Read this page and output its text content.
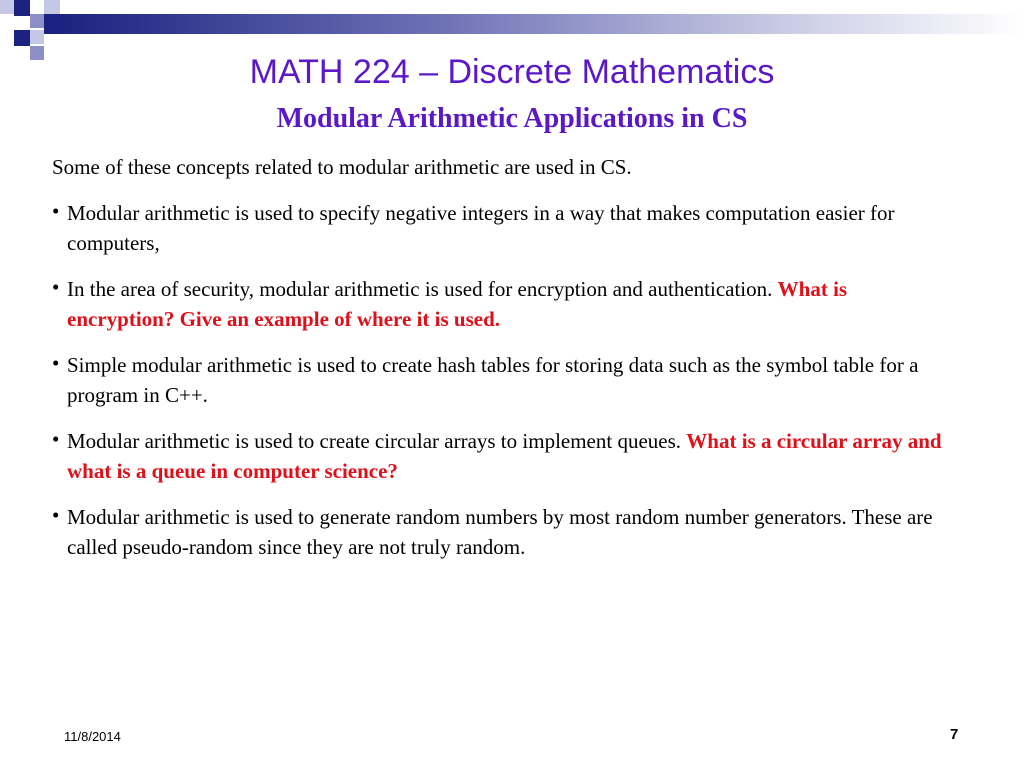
MATH 224 – Discrete Mathematics
Modular Arithmetic Applications in CS

Some of these concepts related to modular arithmetic are used in CS.

• Modular arithmetic is used to specify negative integers in a way that makes computation easier for computers,

• In the area of security, modular arithmetic is used for encryption and authentication. What is encryption? Give an example of where it is used.

• Simple modular arithmetic is used to create hash tables for storing data such as the symbol table for a program in C++.

• Modular arithmetic is used to create circular arrays to implement queues. What is a circular array and what is a queue in computer science?

• Modular arithmetic is used to generate random numbers by most random number generators. These are called pseudo-random since they are not truly random.

11/8/2014	7
